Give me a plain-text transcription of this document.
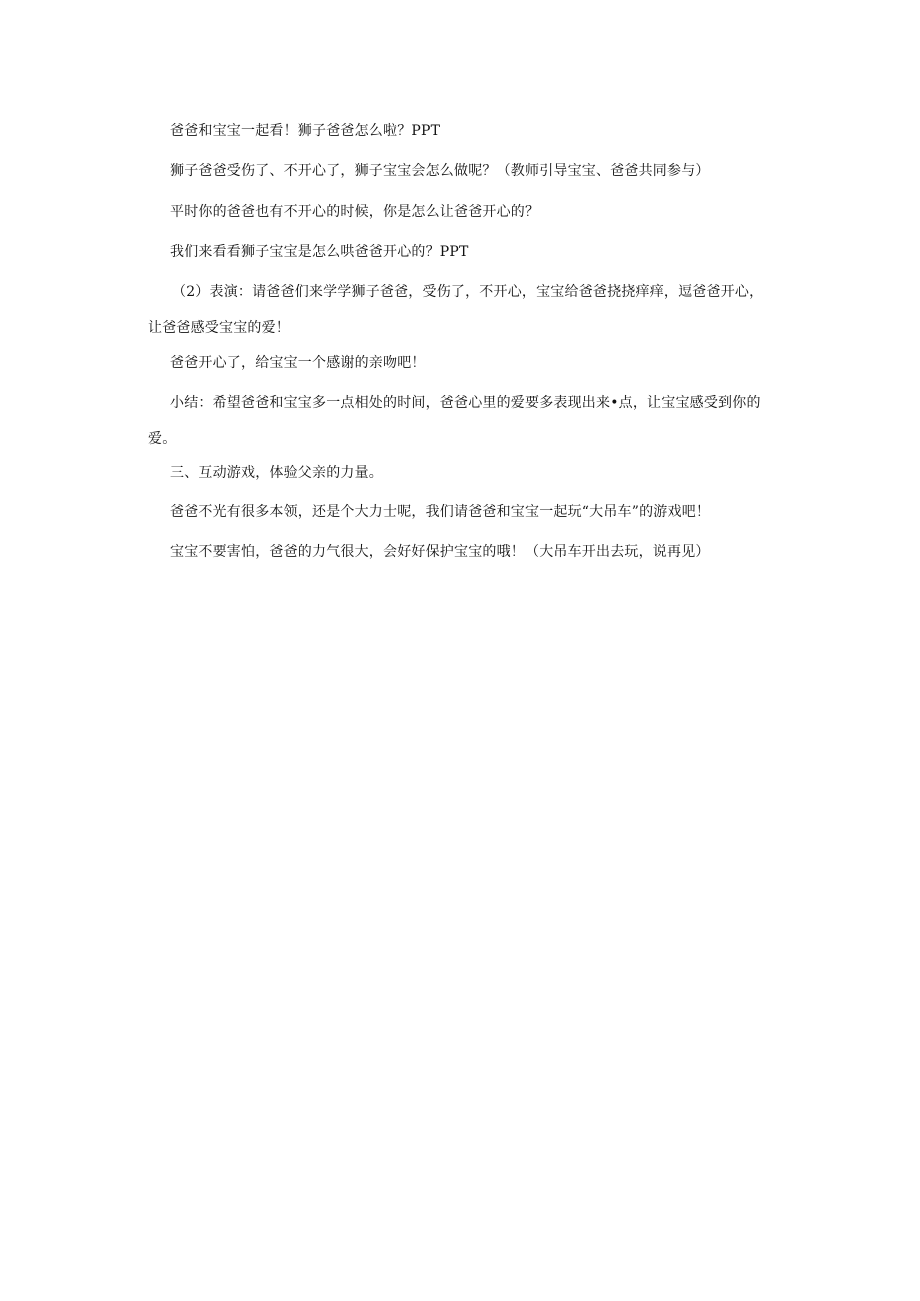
爸爸和宝宝一起看！狮子爸爸怎么啦？PPT
狮子爸爸受伤了、不开心了，狮子宝宝会怎么做呢？（教师引导宝宝、爸爸共同参与）
平时你的爸爸也有不开心的时候，你是怎么让爸爸开心的？
我们来看看狮子宝宝是怎么哄爸爸开心的？PPT
（2）表演：请爸爸们来学学狮子爸爸，受伤了，不开心，宝宝给爸爸挠挠痒痒，逗爸爸开心，让爸爸感受宝宝的爱！
爸爸开心了，给宝宝一个感谢的亲吻吧！
小结：希望爸爸和宝宝多一点相处的时间，爸爸心里的爱要多表现出来•点，让宝宝感受到你的爱。
三、互动游戏，体验父亲的力量。
爸爸不光有很多本领，还是个大力士呢，我们请爸爸和宝宝一起玩“大吊车”的游戏吧！
宝宝不要害怕，爸爸的力气很大，会好好保护宝宝的哦！（大吊车开出去玩，说再见）
